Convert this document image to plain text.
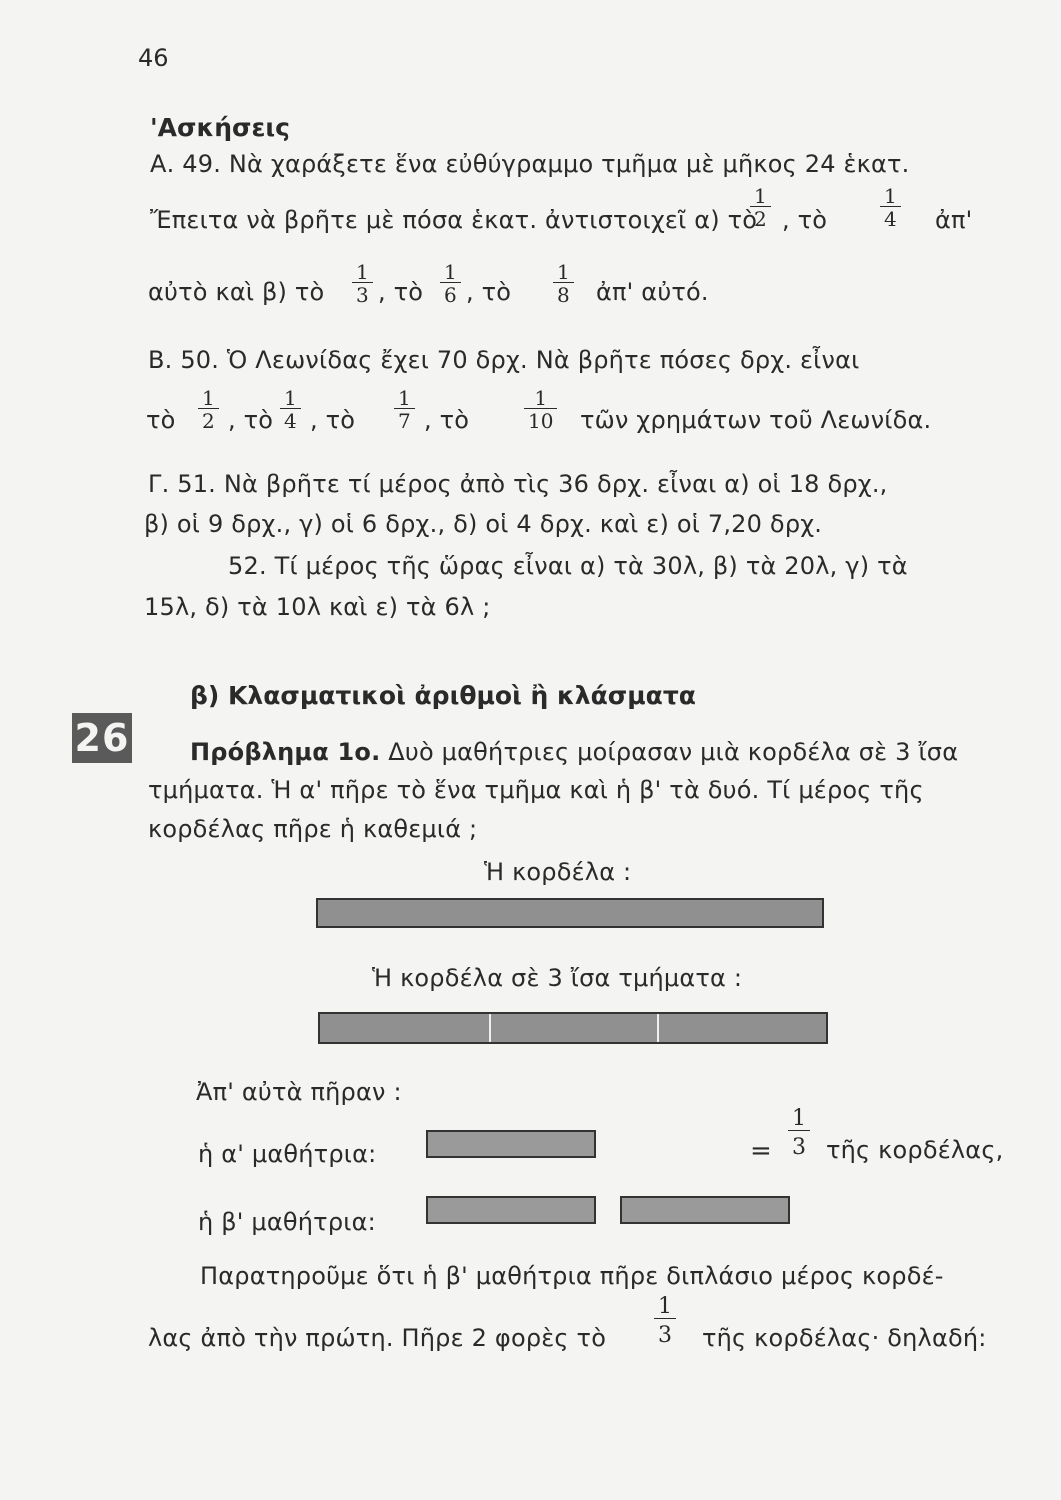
46
'Ασκήσεις
Α. 49. Νὰ χαράξετε ἕνα εὐθύγραμμο τμῆμα μὲ μῆκος 24 ἑκατ.
Ἔπειτα νὰ βρῆτε μὲ πόσα ἑκατ. ἀντιστοιχεῖ α) τὸ
$\frac{1}{2}$ , τὸ	$\frac{1}{4}$ ἀπ'
αὐτὸ καὶ β) τὸ $\frac{1}{3}$ , τὸ $\frac{1}{6}$ , τὸ $\frac{1}{8}$ ἀπ' αὐτό.
Β. 50. Ὁ Λεωνίδας ἔχει 70 δρχ. Νὰ βρῆτε πόσες δρχ. εἶναι
τὸ $\frac{1}{2}$ , τὸ $\frac{1}{4}$ , τὸ $\frac{1}{7}$ , τὸ	$\frac{1}{10}$ τῶν χρημάτων τοῦ Λεωνίδα.
Γ. 51. Νὰ βρῆτε τί μέρος ἀπὸ τὶς 36 δρχ. εἶναι α) οἱ 18 δρχ.,
β) οἱ 9 δρχ., γ) οἱ 6 δρχ., δ) οἱ 4 δρχ. καὶ ε) οἱ 7,20 δρχ.
52. Τί μέρος τῆς ὥρας εἶναι α) τὰ 30λ, β) τὰ 20λ, γ) τὰ
15λ, δ) τὰ 10λ καὶ ε) τὰ 6λ ;
26
β) Κλασματικοὶ ἀριθμοὶ ἢ κλάσματα
Πρόβλημα 1ο. Δυὸ μαθήτριες μοίρασαν μιὰ κορδέλα σὲ 3 ἴσα
τμήματα. Ἡ α' πῆρε τὸ ἕνα τμῆμα καὶ ἡ β' τὰ δυό. Τί μέρος τῆς
κορδέλας πῆρε ἡ καθεμιά ;
Ἡ κορδέλα :
Ἡ κορδέλα σὲ 3 ἴσα τμήματα :
Ἀπ' αὐτὰ πῆραν :
ἡ α' μαθήτρια:	= $\frac{1}{3}$ τῆς κορδέλας,
ἡ β' μαθήτρια:
Παρατηροῦμε ὅτι ἡ β' μαθήτρια πῆρε διπλάσιο μέρος κορδέ-
λας ἀπὸ τὴν πρώτη. Πῆρε 2 φορὲς τὸ $\frac{1}{3}$ τῆς κορδέλας· δηλαδή:
